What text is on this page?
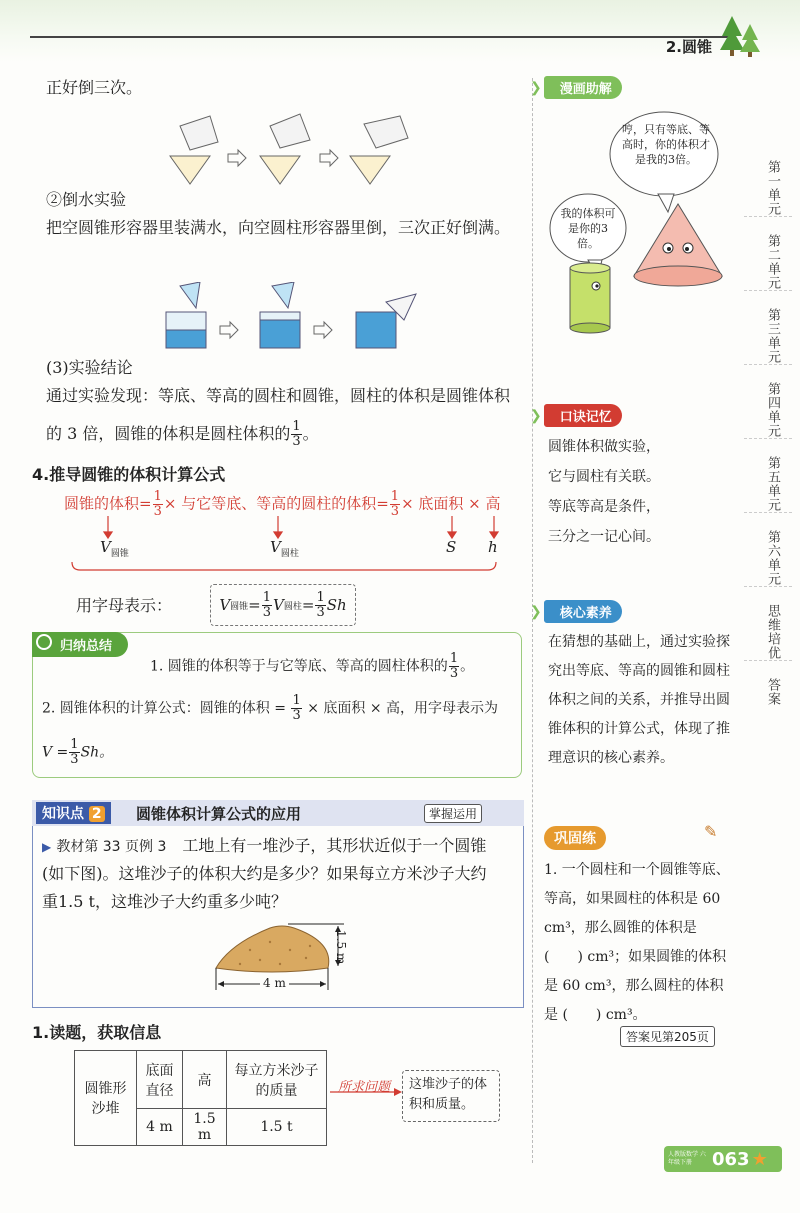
2.圆锥
正好倒三次。
②倒水实验
把空圆锥形容器里装满水，向空圆柱形容器里倒，三次正好倒满。
(3)实验结论
通过实验发现：等底、等高的圆柱和圆锥，圆柱的体积是圆锥体积
的 3 倍，圆锥的体积是圆柱体积的 $\frac{1}{3}$ 。
4.推导圆锥的体积计算公式
圆锥的体积= $\frac{1}{3}$ × 与它等底、等高的圆柱的体积= $\frac{1}{3}$ × 底面积 × 高
$V_{圆锥}$	$V_{圆柱}$	S h
用字母表示：	V 圆锥 = $\frac{1}{3}$ V 圆柱 = $\frac{1}{3}$ Sh
归纳总结
1. 圆锥的体积等于与它等底、等高的圆柱体积的 $\frac{1}{3}$ 。
2. 圆锥体积的计算公式：圆锥的体积 = $\frac{1}{3}$ × 底面积 × 高，用字母表示为
$V = \frac{1}{3}$ Sh。
知识点 2	圆锥体积计算公式的应用	掌握运用
▶ 教材第 33 页例 3　 工地上有一堆沙子，其形状近似于一个圆锥
(如下图)。这堆沙子的体积大约是多少？如果每立方米沙子大约
重1.5 t，这堆沙子大约重多少吨？
1.5 m
4 m
1.读题，获取信息
圆锥形沙堆	底面直径	高	每立方米沙子的质量
	4 m	1.5 m	1.5 t
所求问题	这堆沙子的体积和质量。
❯	漫画助解
哼，只有等底、等高时，你的体积才是我的3倍。
我的体积可是你的3倍。
❯	口诀记忆
圆锥体积做实验，
它与圆柱有关联。
等底等高是条件，
三分之一记心间。
❯	核心素养
在猜想的基础上，通过实验探究出等底、等高的圆锥和圆柱体积之间的关系，并推导出圆锥体积的计算公式，体现了推理意识的核心素养。
巩固练	✎
1. 一个圆柱和一个圆锥等底、等高，如果圆柱的体积是 60 cm³，那么圆锥的体积是 (　　) cm³；如果圆锥的体积是 60 cm³，那么圆柱的体积是 (　　) cm³。
答案见第205页
第一单元
第二单元
第三单元
第四单元
第五单元
第六单元
思维培优
答案
人教版数学 六年级下册	063 ★
